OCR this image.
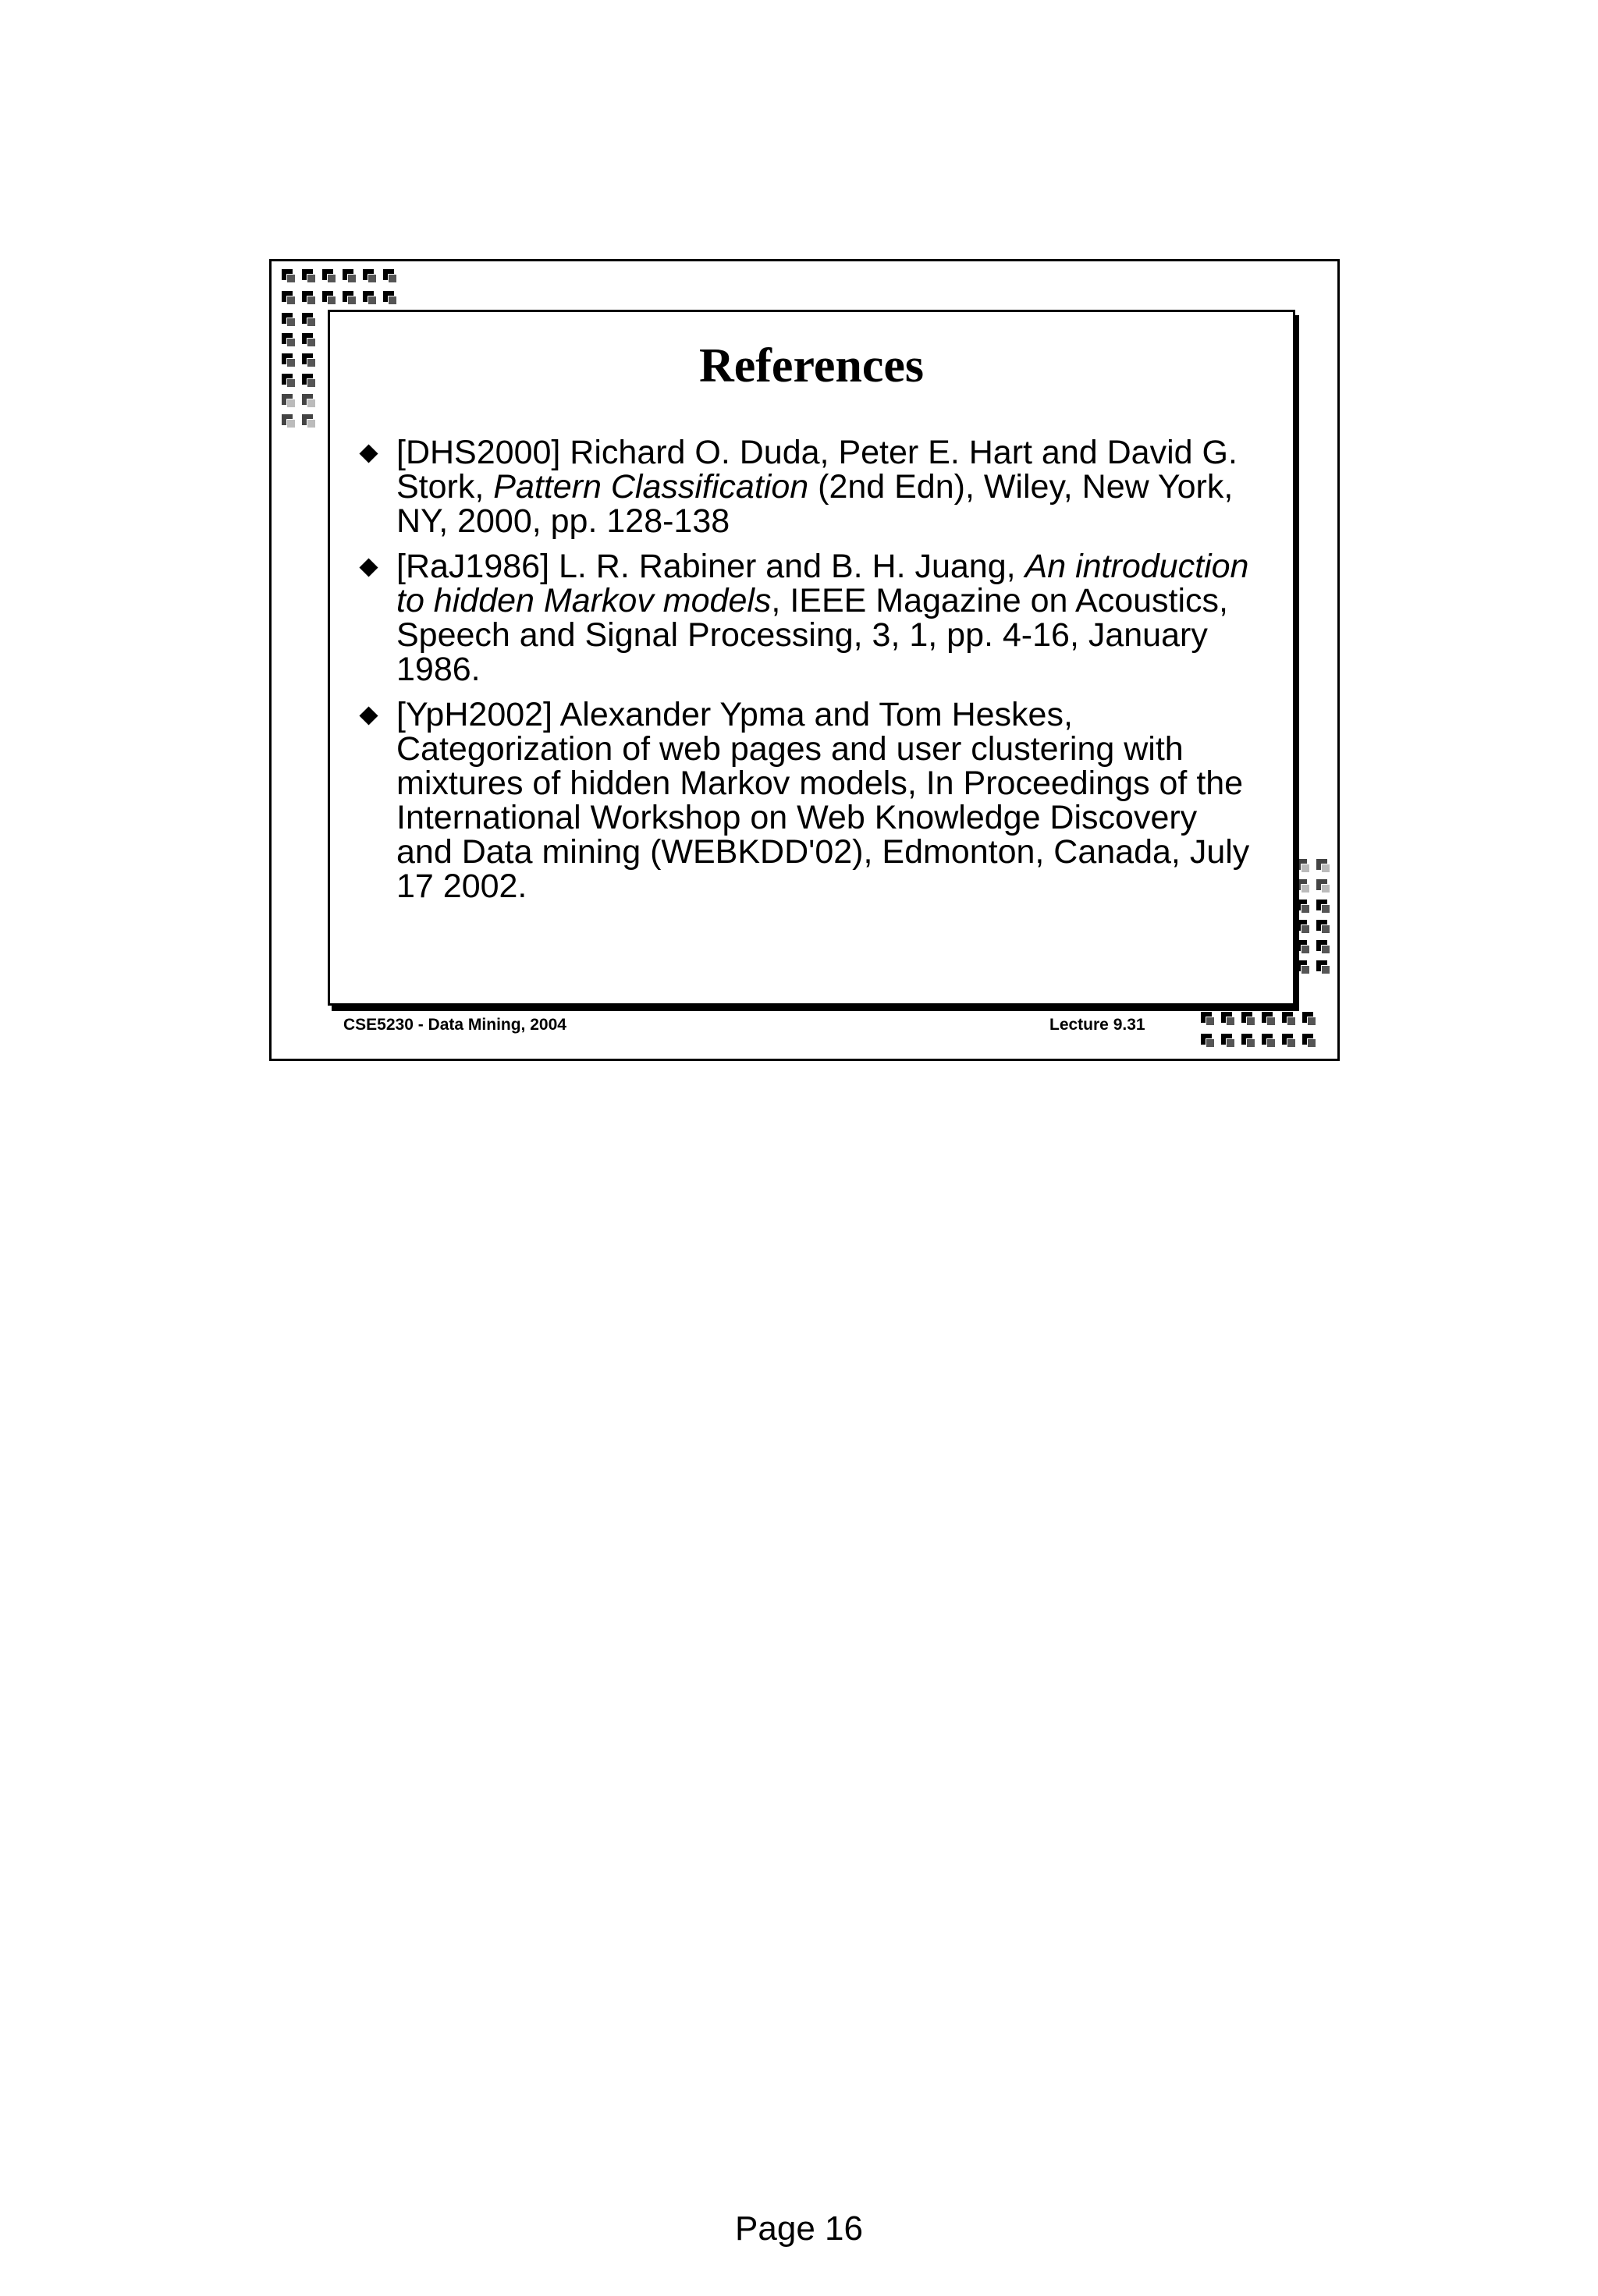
References
[DHS2000] Richard O. Duda, Peter E. Hart and David G. Stork, Pattern Classification (2nd Edn), Wiley, New York, NY, 2000, pp. 128-138
[RaJ1986] L. R. Rabiner and B. H. Juang, An introduction to hidden Markov models, IEEE Magazine on Acoustics, Speech and Signal Processing, 3, 1, pp. 4-16, January 1986.
[YpH2002] Alexander Ypma and Tom Heskes, Categorization of web pages and user clustering with mixtures of hidden Markov models, In Proceedings of the International Workshop on Web Knowledge Discovery and Data mining (WEBKDD'02), Edmonton, Canada, July 17 2002.
CSE5230 - Data Mining, 2004	Lecture 9.31
Page 16
